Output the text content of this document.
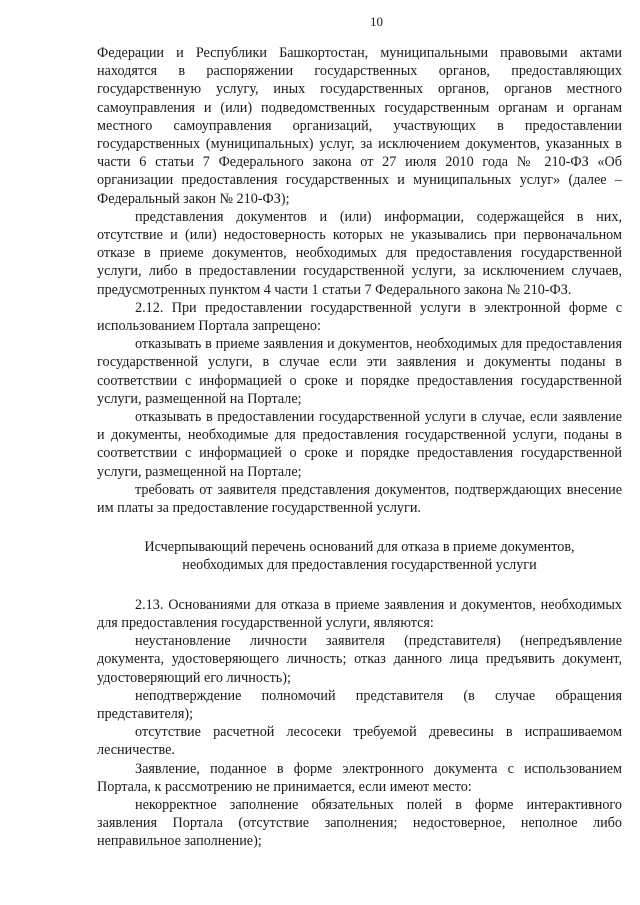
10

Федерации и Республики Башкортостан, муниципальными правовыми актами находятся в распоряжении государственных органов, предоставляющих государственную услугу, иных государственных органов, органов местного самоуправления и (или) подведомственных государственным органам и органам местного самоуправления организаций, участвующих в предоставлении государственных (муниципальных) услуг, за исключением документов, указанных в части 6 статьи 7 Федерального закона от 27 июля 2010 года № 210-ФЗ «Об организации предоставления государственных и муниципальных услуг» (далее – Федеральный закон № 210-ФЗ);

представления документов и (или) информации, содержащейся в них, отсутствие и (или) недостоверность которых не указывались при первоначальном отказе в приеме документов, необходимых для предоставления государственной услуги, либо в предоставлении государственной услуги, за исключением случаев, предусмотренных пунктом 4 части 1 статьи 7 Федерального закона № 210-ФЗ.

2.12. При предоставлении государственной услуги в электронной форме с использованием Портала запрещено:

отказывать в приеме заявления и документов, необходимых для предоставления государственной услуги, в случае если эти заявления и документы поданы в соответствии с информацией о сроке и порядке предоставления государственной услуги, размещенной на Портале;

отказывать в предоставлении государственной услуги в случае, если заявление и документы, необходимые для предоставления государственной услуги, поданы в соответствии с информацией о сроке и порядке предоставления государственной услуги, размещенной на Портале;

требовать от заявителя представления документов, подтверждающих внесение им платы за предоставление государственной услуги.

Исчерпывающий перечень оснований для отказа в приеме документов,

необходимых для предоставления государственной услуги

2.13. Основаниями для отказа в приеме заявления и документов, необходимых для предоставления государственной услуги, являются:

неустановление личности заявителя (представителя) (непредъявление документа, удостоверяющего личность; отказ данного лица предъявить документ, удостоверяющий его личность);

неподтверждение полномочий представителя (в случае обращения представителя);

отсутствие расчетной лесосеки требуемой древесины в испрашиваемом лесничестве.

Заявление, поданное в форме электронного документа с использованием Портала, к рассмотрению не принимается, если имеют место:

некорректное заполнение обязательных полей в форме интерактивного заявления Портала (отсутствие заполнения; недостоверное, неполное либо неправильное заполнение);
